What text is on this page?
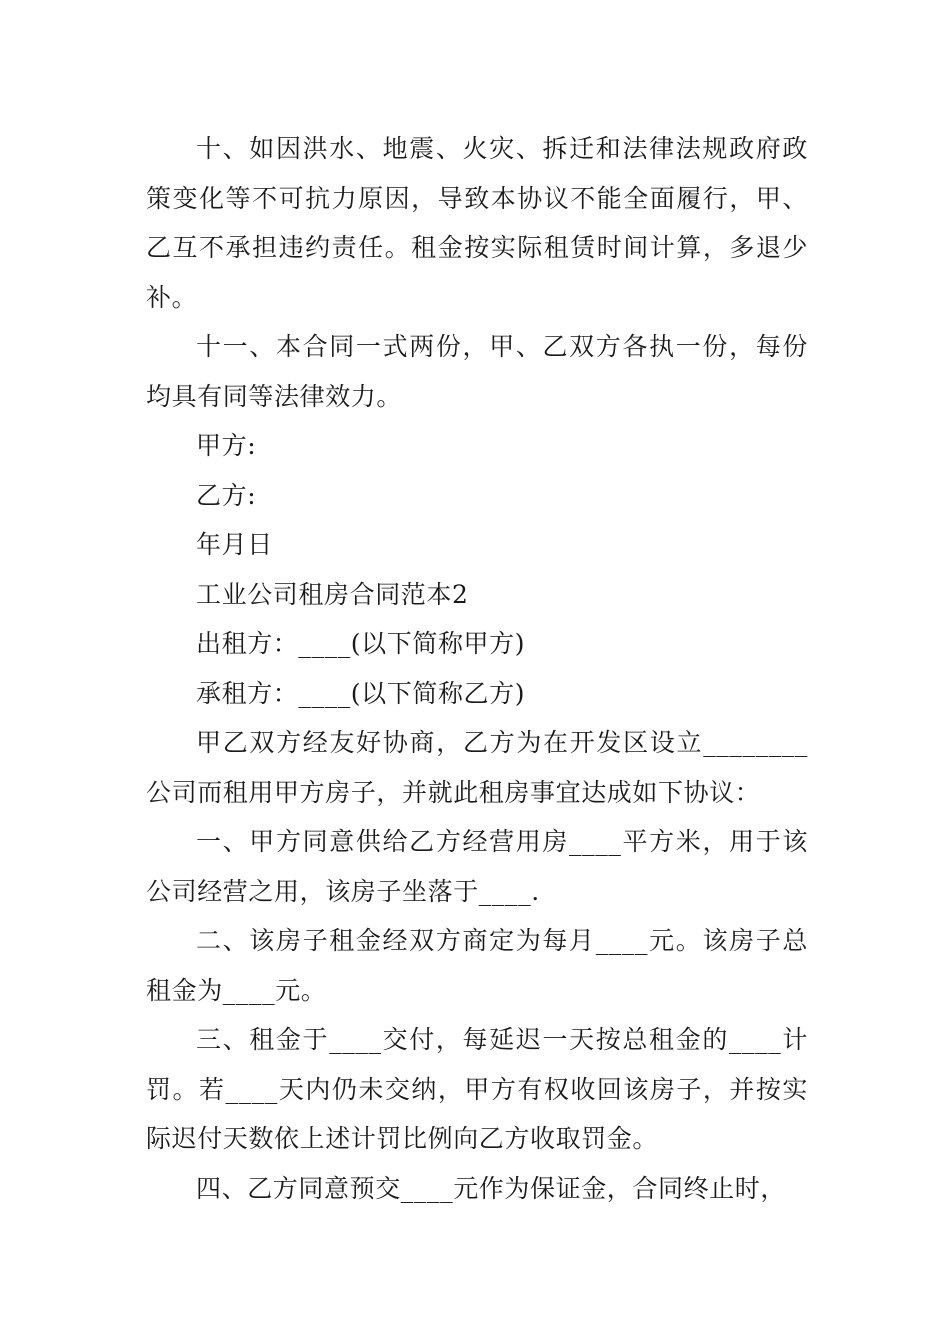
十、如因洪水、地震、火灾、拆迁和法律法规政府政策变化等不可抗力原因，导致本协议不能全面履行，甲、乙互不承担违约责任。租金按实际租赁时间计算，多退少补。

十一、本合同一式两份，甲、乙双方各执一份，每份均具有同等法律效力。

甲方:

乙方:

年月日

工业公司租房合同范本2

出租方：____(以下简称甲方)

承租方：____(以下简称乙方)

甲乙双方经友好协商，乙方为在开发区设立________公司而租用甲方房子，并就此租房事宜达成如下协议：

一、甲方同意供给乙方经营用房____平方米，用于该公司经营之用，该房子坐落于____.

二、该房子租金经双方商定为每月____元。该房子总租金为____元。

三、租金于____交付，每延迟一天按总租金的____计罚。若____天内仍未交纳，甲方有权收回该房子，并按实际迟付天数依上述计罚比例向乙方收取罚金。

四、乙方同意预交____元作为保证金，合同终止时，
